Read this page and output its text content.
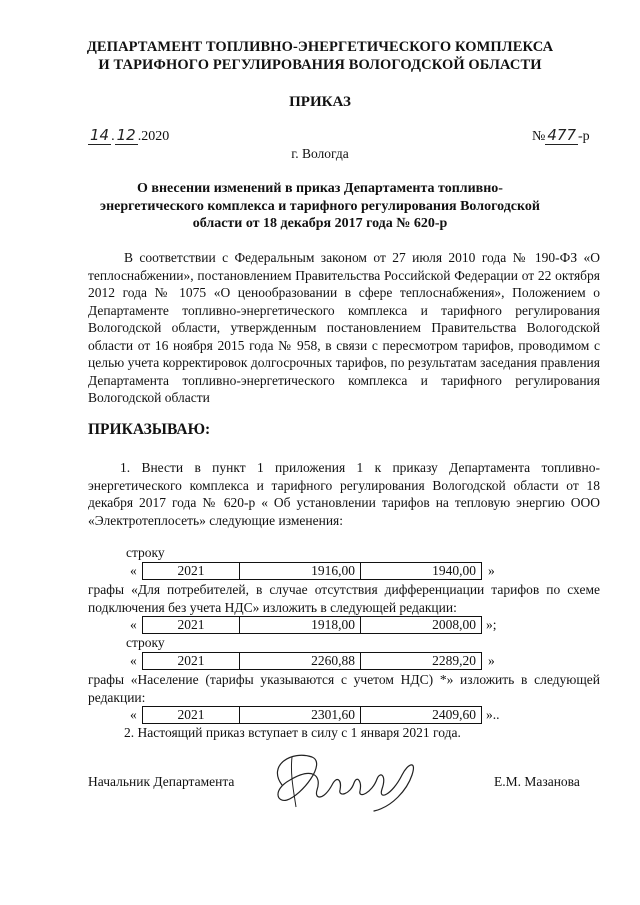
ДЕПАРТАМЕНТ ТОПЛИВНО-ЭНЕРГЕТИЧЕСКОГО КОМПЛЕКСА
И ТАРИФНОГО РЕГУЛИРОВАНИЯ ВОЛОГОДСКОЙ ОБЛАСТИ
ПРИКАЗ
14 . 12 .2020	№ 477 -р
г. Вологда
О внесении изменений в приказ Департамента топливно-
энергетического комплекса и тарифного регулирования Вологодской
области от 18 декабря 2017 года № 620-р
В соответствии с Федеральным законом от 27 июля 2010 года № 190-ФЗ «О теплоснабжении», постановлением Правительства Российской Федерации от 22 октября 2012 года № 1075 «О ценообразовании в сфере теплоснабжения», Положением о Департаменте топливно-энергетического комплекса и тарифного регулирования Вологодской области, утвержденным постановлением Правительства Вологодской области от 16 ноября 2015 года № 958, в связи с пересмотром тарифов, проводимом с целью учета корректировок долгосрочных тарифов, по результатам заседания правления Департамента топливно-энергетического комплекса и тарифного регулирования Вологодской области
ПРИКАЗЫВАЮ:
1. Внести в пункт 1 приложения 1 к приказу Департамента топливно-энергетического комплекса и тарифного регулирования Вологодской области от 18 декабря 2017 года № 620-р « Об установлении тарифов на тепловую энергию ООО «Электротеплосеть» следующие изменения:
строку
«	2021	1916,00	1940,00 »
графы «Для потребителей, в случае отсутствия дифференциации тарифов по схеме подключения без учета НДС» изложить в следующей редакции:
«	2021	1918,00	2008,00 »;
строку
«	2021	2260,88	2289,20 »
графы «Население (тарифы указываются с учетом НДС) *» изложить в следующей редакции:
«	2021	2301,60	2409,60 »..
2. Настоящий приказ вступает в силу с 1 января 2021 года.
Начальник Департамента	Е.М. Мазанова
